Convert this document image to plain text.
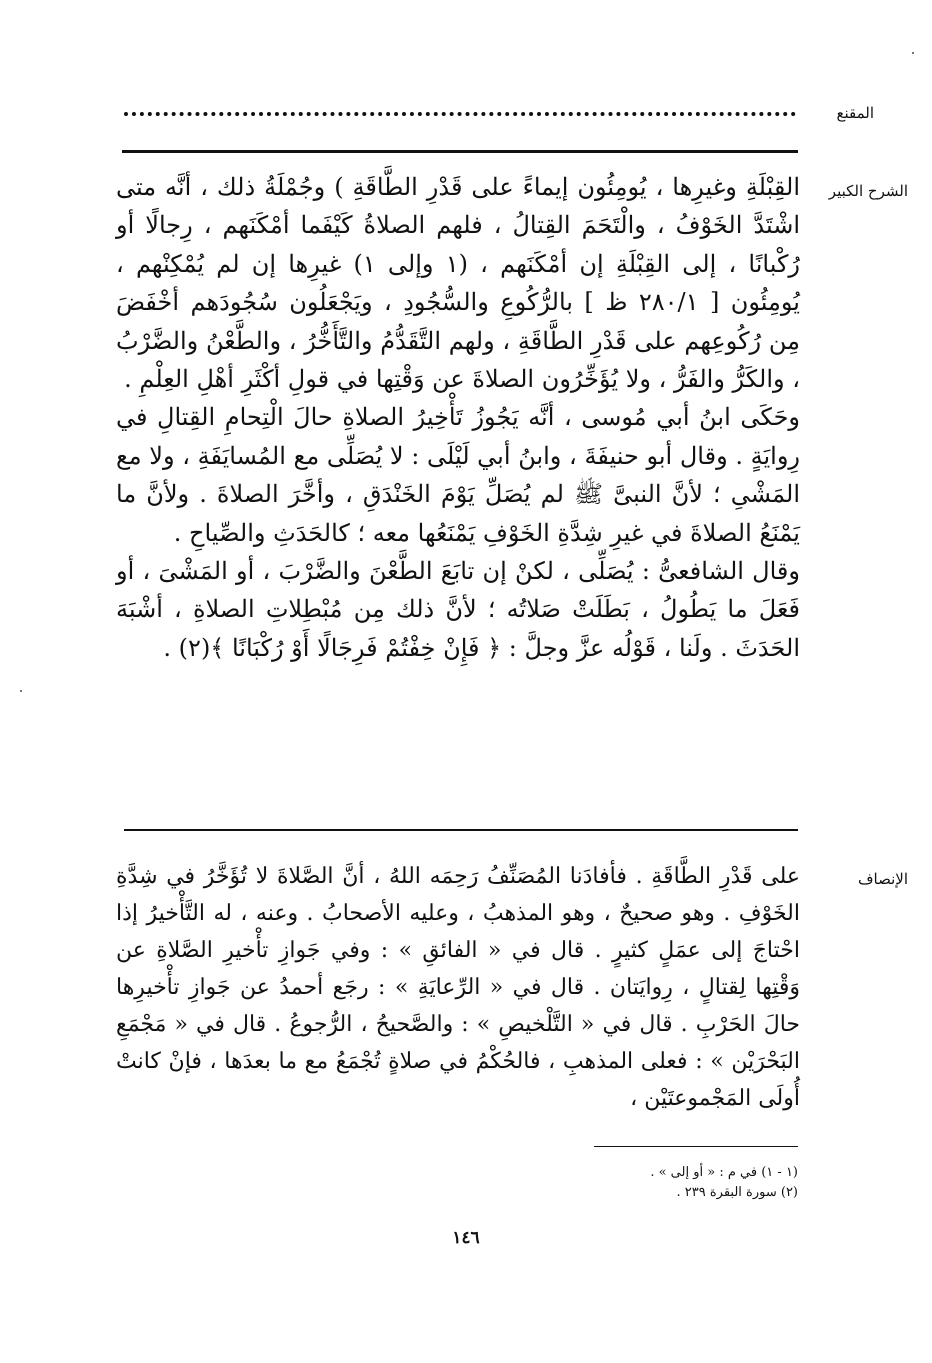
المقنع
الشرح الكبير

القِبْلَةِ وغيرِها ، يُومِئُون إيماءً على قَدْرِ الطَّاقَةِ ) وجُمْلَةُ ذلك ، أنَّه متى اشْتَدَّ الخَوْفُ ، والْتَحَمَ القِتالُ ، فلهم الصلاةُ كَيْفَما أمْكَنَهم ، رِجالًا أو رُكْبانًا ، إلى القِبْلَةِ إن أمْكَنَهم ، (١ وإلى ١) غيرِها إن لم يُمْكِنْهم ، يُومِئُون [ ٢٨٠/١ ظ ] بالرُّكُوعِ والسُّجُودِ ، ويَجْعَلُون سُجُودَهم أخْفَضَ مِن رُكُوعِهم على قَدْرِ الطَّاقَةِ ، ولهم التَّقَدُّمُ والتَّأَخُّرُ ، والطَّعْنُ والضَّرْبُ ، والكَرُّ والفَرُّ ، ولا يُؤَخِّرُون الصلاةَ عن وَقْتِها في قولِ أكْثَرِ أهْلِ العِلْمِ .

وحَكَى ابنُ أبي مُوسى ، أنَّه يَجُوزُ تَأْخِيرُ الصلاةِ حالَ الْتِحامِ القِتالِ في رِوايَةٍ . وقال أبو حنيفَةَ ، وابنُ أبي لَيْلَى : لا يُصَلِّى مع المُسايَفَةِ ، ولا مع المَشْىِ ؛ لأنَّ النبىَّ ﷺ لم يُصَلِّ يَوْمَ الخَنْدَقِ ، وأخَّرَ الصلاةَ . ولأنَّ ما يَمْنَعُ الصلاةَ في غيرِ شِدَّةِ الخَوْفِ يَمْنَعُها معه ؛ كالحَدَثِ والصِّياحِ .

وقال الشافعىُّ : يُصَلِّى ، لكنْ إن تابَعَ الطَّعْنَ والضَّرْبَ ، أو المَشْىَ ، أو فَعَلَ ما يَطُولُ ، بَطَلَتْ صَلاتُه ؛ لأنَّ ذلك مِن مُبْطِلاتِ الصلاةِ ، أشْبَهَ الحَدَثَ . ولَنا ، قَوْلُه عزَّ وجلَّ : ﴿ فَإِنْ خِفْتُمْ فَرِجَالًا أَوْ رُكْبَانًا ﴾(٢) .

الإنصاف

على قَدْرِ الطَّاقَةِ . فأفادَنا المُصَنِّفُ رَحِمَه اللهُ ، أنَّ الصَّلاةَ لا تُؤَخَّرُ في شِدَّةِ الخَوْفِ . وهو صحيحٌ ، وهو المذهبُ ، وعليه الأصحابُ . وعنه ، له التَّأْخيرُ إذا احْتاجَ إلى عمَلٍ كثيرٍ . قال في « الفائقِ » : وفي جَوازِ تأْخيرِ الصَّلاةِ عن وَقْتِها لِقتالٍ ، رِوايَتان . قال في « الرِّعايَةِ » : رجَع أحمدُ عن جَوازِ تأْخيرِها حالَ الحَرْبِ . قال في « التَّلْخيصِ » : والصَّحيحُ ، الرُّجوعُ . قال في « مَجْمَعِ البَحْرَيْن » : فعلى المذهبِ ، فالحُكْمُ في صلاةٍ تُجْمَعُ مع ما بعدَها ، فإنْ كانتْ أُولَى المَجْموعتَيْن ،

(١ - ١) في م : « أو إلى » .
(٢) سورة البقرة ٢٣٩ .
١٤٦
